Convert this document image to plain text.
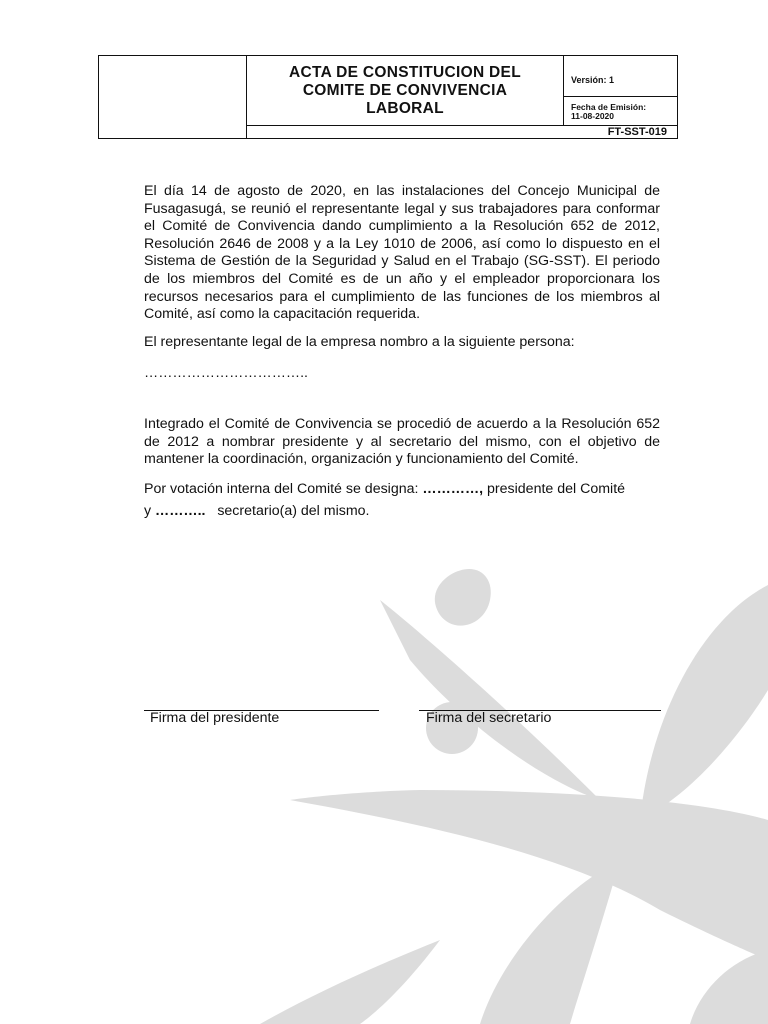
ACTA DE CONSTITUCION DEL COMITE DE CONVIVENCIA LABORAL
Versión: 1
Fecha de Emisión:
11-08-2020
FT-SST-019
El día 14 de agosto de 2020, en las instalaciones del Concejo Municipal de Fusagasugá, se reunió el representante legal y sus trabajadores para conformar el Comité de Convivencia dando cumplimiento a la Resolución 652 de 2012, Resolución 2646 de 2008 y a la Ley 1010 de 2006, así como lo dispuesto en el Sistema de Gestión de la Seguridad y Salud en el Trabajo (SG-SST). El periodo de los miembros del Comité es de un año y el empleador proporcionara los recursos necesarios para el cumplimiento de las funciones de los miembros al Comité, así como la capacitación requerida.
El representante legal de la empresa nombro a la siguiente persona:
……………………………..
Integrado el Comité de Convivencia se procedió de acuerdo a la Resolución 652 de 2012 a nombrar presidente y al secretario del mismo, con el objetivo de mantener la coordinación, organización y funcionamiento del Comité.
Por votación interna del Comité se designa: …………, presidente del Comité
y ………..   secretario(a) del mismo.
Firma del presidente	Firma del secretario
